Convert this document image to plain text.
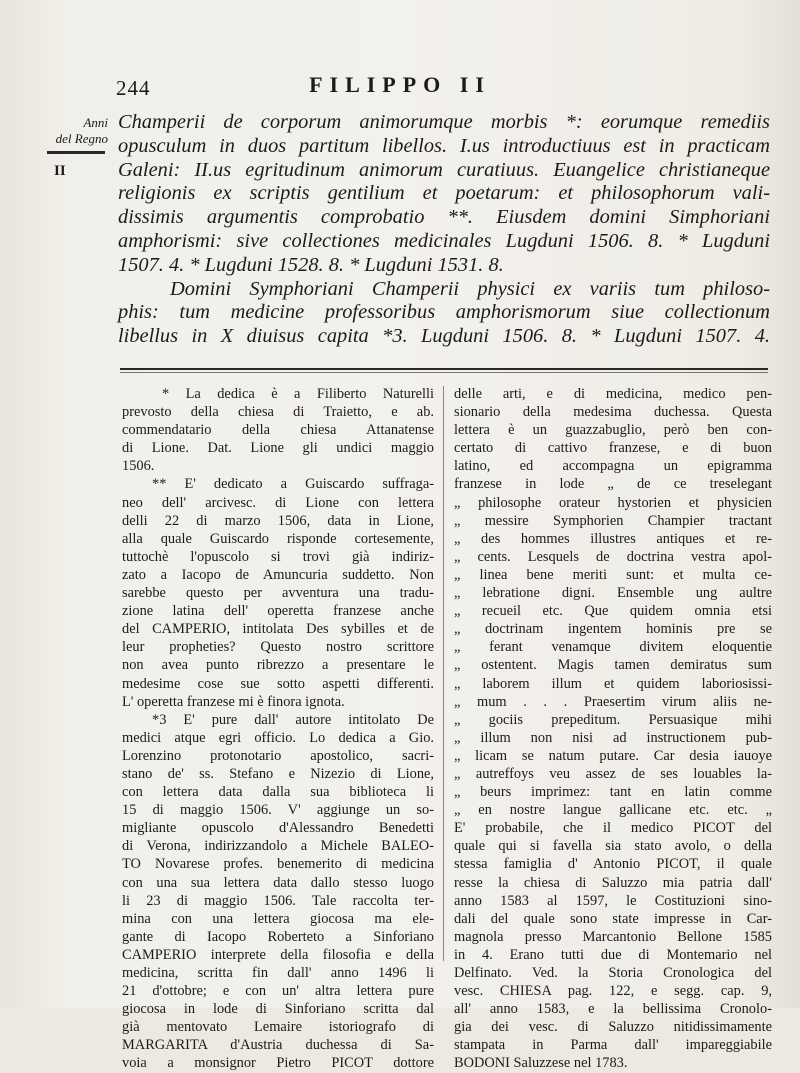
244	FILIPPO II
Anni
del Regno
II
Champerii de corporum animorumque morbis *: eorumque remediis
opusculum in duos partitum libellos. I.us introductiuus est in practicam
Galeni: II.us egritudinum animorum curatiuus. Euangelice christianeque
religionis ex scriptis gentilium et poetarum: et philosophorum vali-
dissimis argumentis comprobatio **. Eiusdem domini Simphoriani
amphorismi: sive collectiones medicinales Lugduni 1506. 8. * Lugduni
1507. 4. * Lugduni 1528. 8. * Lugduni 1531. 8.
Domini Symphoriani Champerii physici ex variis tum philoso-
phis: tum medicine professoribus amphorismorum siue collectionum
libellus in X diuisus capita *3. Lugduni 1506. 8. * Lugduni 1507. 4.
* La dedica è a Filiberto Naturelli
prevosto della chiesa di Traietto, e ab.
commendatario della chiesa Attanatense
di Lione. Dat. Lione gli undici maggio
1506.
** E' dedicato a Guiscardo suffraga-
neo dell' arcivesc. di Lione con lettera
delli 22 di marzo 1506, data in Lione,
alla quale Guiscardo risponde cortesemente,
tuttochè l'opuscolo si trovi già indiriz-
zato a Iacopo de Amuncuria suddetto. Non
sarebbe questo per avventura una tradu-
zione latina dell' operetta franzese anche
del CAMPERIO, intitolata Des sybilles et de
leur propheties? Questo nostro scrittore
non avea punto ribrezzo a presentare le
medesime cose sue sotto aspetti differenti.
L' operetta franzese mi è finora ignota.
*3 E' pure dall' autore intitolato De
medici atque egri officio. Lo dedica a Gio.
Lorenzino protonotario apostolico, sacri-
stano de' ss. Stefano e Nizezio di Lione,
con lettera data dalla sua biblioteca li
15 di maggio 1506. V' aggiunge un so-
migliante opuscolo d'Alessandro Benedetti
di Verona, indirizzandolo a Michele BALEO-
TO Novarese profes. benemerito di medicina
con una sua lettera data dallo stesso luogo
li 23 di maggio 1506. Tale raccolta ter-
mina con una lettera giocosa ma ele-
gante di Iacopo Roberteto a Sinforiano
CAMPERIO interprete della filosofia e della
medicina, scritta fin dall' anno 1496 li
21 d'ottobre; e con un' altra lettera pure
giocosa in lode di Sinforiano scritta dal
già mentovato Lemaire istoriografo di
MARGARITA d'Austria duchessa di Sa-
voia a monsignor Pietro PICOT dottore
delle arti, e di medicina, medico pen-
sionario della medesima duchessa. Questa
lettera è un guazzabuglio, però ben con-
certato di cattivo franzese, e di buon
latino, ed accompagna un epigramma
franzese in lode „ de ce treselegant
„ philosophe orateur hystorien et physicien
„ messire Symphorien Champier tractant
„ des hommes illustres antiques et re-
„ cents. Lesquels de doctrina vestra apol-
„ linea bene meriti sunt: et multa ce-
„ lebratione digni. Ensemble ung aultre
„ recueil etc. Que quidem omnia etsi
„ doctrinam ingentem hominis pre se
„ ferant venamque divitem eloquentie
„ ostentent. Magis tamen demiratus sum
„ laborem illum et quidem laboriosissi-
„ mum . . . Praesertim virum aliis ne-
„ gociis prepeditum. Persuasique mihi
„ illum non nisi ad instructionem pub-
„ licam se natum putare. Car desia iauoye
„ autreffoys veu assez de ses louables la-
„ beurs imprimez: tant en latin comme
„ en nostre langue gallicane etc. etc. „
E' probabile, che il medico PICOT del
quale qui si favella sia stato avolo, o della
stessa famiglia d' Antonio PICOT, il quale
resse la chiesa di Saluzzo mia patria dall'
anno 1583 al 1597, le Costituzioni sino-
dali del quale sono state impresse in Car-
magnola presso Marcantonio Bellone 1585
in 4. Erano tutti due di Montemario nel
Delfinato. Ved. la Storia Cronologica del
vesc. CHIESA pag. 122, e segg. cap. 9,
all' anno 1583, e la bellissima Cronolo-
gia dei vesc. di Saluzzo nitidissimamente
stampata in Parma dall' impareggiabile
BODONI Saluzzese nel 1783.
